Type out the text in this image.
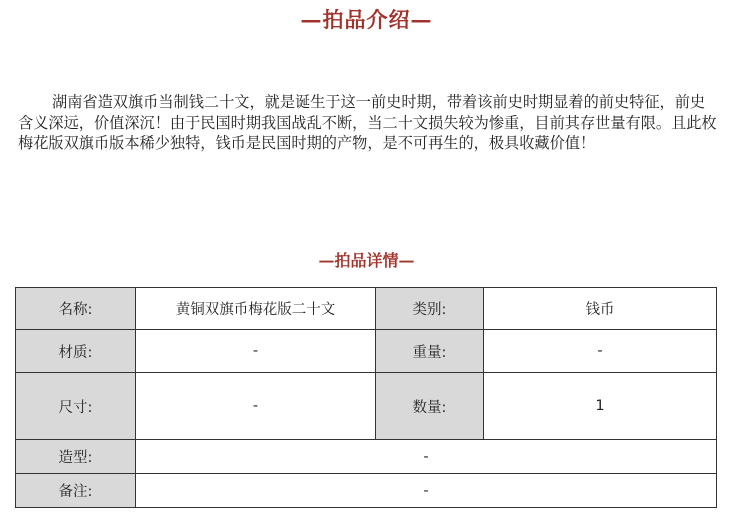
—拍品介绍—

湖南省造双旗币当制钱二十文，就是诞生于这一前史时期，带着该前史时期显着的前史特征，前史含义深远，价值深沉！由于民国时期我国战乱不断，当二十文损失较为惨重，目前其存世量有限。且此枚梅花版双旗币版本稀少独特，钱币是民国时期的产物，是不可再生的，极具收藏价值！

—拍品详情—
名称:	黄铜双旗币梅花版二十文	类别:	钱币
材质:	-	重量:	-
尺寸:	-	数量:	1
造型:	-		
备注:	-		
